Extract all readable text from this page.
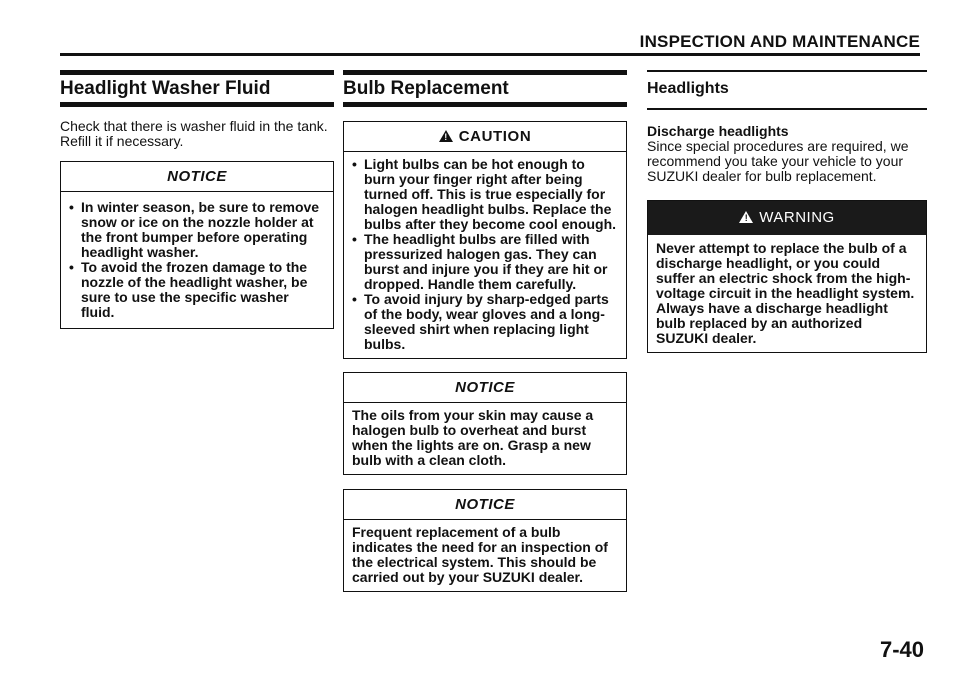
INSPECTION AND MAINTENANCE
Headlight Washer Fluid
Check that there is washer fluid in the tank.
Refill it if necessary.
NOTICE
• In winter season, be sure to remove snow or ice on the nozzle holder at the front bumper before operating headlight washer.
• To avoid the frozen damage to the nozzle of the headlight washer, be sure to use the specific washer fluid.
Bulb Replacement
! CAUTION
• Light bulbs can be hot enough to burn your finger right after being turned off. This is true especially for halogen headlight bulbs. Replace the bulbs after they become cool enough.
• The headlight bulbs are filled with pressurized halogen gas. They can burst and injure you if they are hit or dropped. Handle them carefully.
• To avoid injury by sharp-edged parts of the body, wear gloves and a long-sleeved shirt when replacing light bulbs.
NOTICE
The oils from your skin may cause a halogen bulb to overheat and burst when the lights are on. Grasp a new bulb with a clean cloth.
NOTICE
Frequent replacement of a bulb indicates the need for an inspection of the electrical system. This should be carried out by your SUZUKI dealer.
Headlights
Discharge headlights
Since special procedures are required, we recommend you take your vehicle to your SUZUKI dealer for bulb replacement.
! WARNING
Never attempt to replace the bulb of a discharge headlight, or you could suffer an electric shock from the high-voltage circuit in the headlight system. Always have a discharge headlight bulb replaced by an authorized SUZUKI dealer.
7-40
